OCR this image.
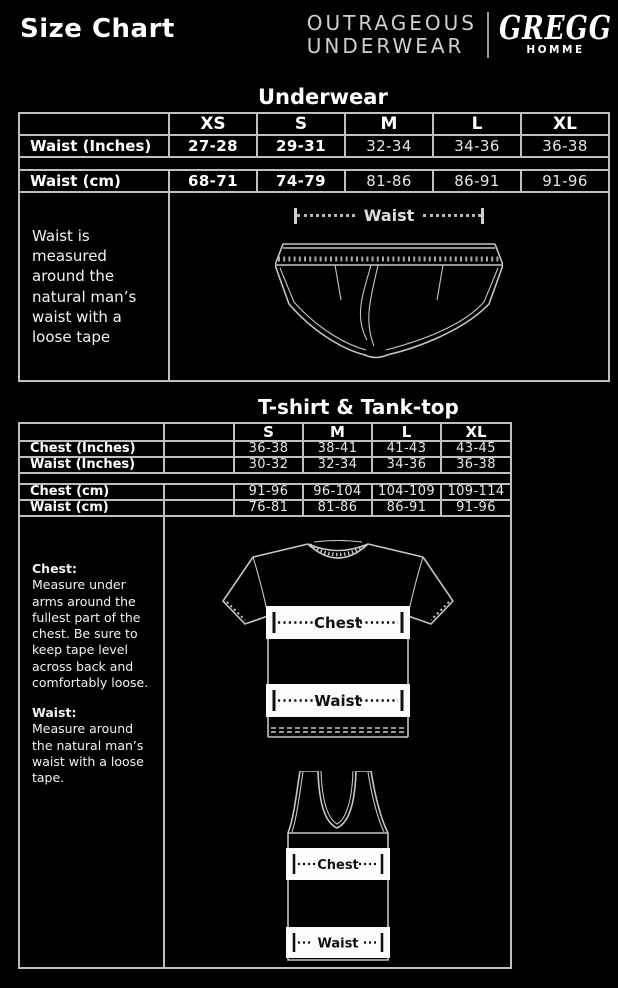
Size Chart	OUTRAGEOUS
UNDERWEAR	GREGG
HOMME
Underwear
	XS	S	M	L	XL
Waist (Inches)	27-28	29-31	32-34	34-36	36-38

Waist (cm)	68-71	74-79	81-86	86-91	91-96
Waist is measured around the natural man’s waist with a loose tape	Waist				
T-shirt & Tank-top
		S	M	L	XL
Chest (Inches)		36-38	38-41	41-43	43-45
Waist (Inches)		30-32	32-34	34-36	36-38

Chest (cm)		91-96	96-104	104-109	109-114
Waist (cm)		76-81	81-86	86-91	91-96

Chest:

Measure under arms around the fullest part of the chest. Be sure to keep tape level across back and comfortably loose.

Waist:

Measure around the natural man’s waist with a loose tape.

Chest
Waist
Chest
Waist
